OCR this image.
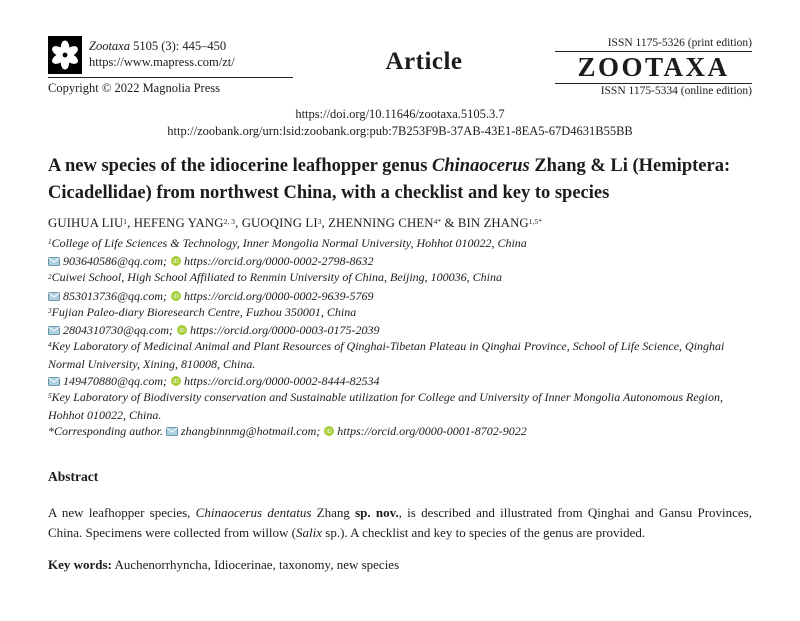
Zootaxa 5105 (3): 445–450
https://www.mapress.com/zt/
Copyright © 2022 Magnolia Press
Article
ISSN 1175-5326 (print edition)
ZOOTAXA
ISSN 1175-5334 (online edition)
https://doi.org/10.11646/zootaxa.5105.3.7
http://zoobank.org/urn:lsid:zoobank.org:pub:7B253F9B-37AB-43E1-8EA5-67D4631B55BB
A new species of the idiocerine leafhopper genus Chinaocerus Zhang & Li (Hemiptera: Cicadellidae) from northwest China, with a checklist and key to species
GUIHUA LIU$^1$, HEFENG YANG$^{2, 3}$, GUOQING $LI^3$, ZHENNING $CHEN^{4*}$ & BIN $ZHANG^{1,5*}$
$^1$College of Life Sciences & Technology, Inner Mongolia Normal University, Hohhot 010022, China
903640586@qq.com; iD https://orcid.org/0000-0002-2798-8632
$^2$Cuiwei School, High School Affiliated to Renmin University of China, Beijing, 100036, China
853013736@qq.com; iD https://orcid.org/0000-0002-9639-5769
$^3$Fujian Paleo-diary Bioresearch Centre, Fuzhou 350001, China
2804310730@qq.com; iD https://orcid.org/0000-0003-0175-2039
$^4$Key Laboratory of Medicinal Animal and Plant Resources of Qinghai-Tibetan Plateau in Qinghai Province, School of Life Science, Qinghai Normal University, Xining, 810008, China.
149470880@qq.com; iD https://orcid.org/0000-0002-8444-82534
$^5$Key Laboratory of Biodiversity conservation and Sustainable utilization for College and University of Inner Mongolia Autonomous Region, Hohhot 010022, China.
*Corresponding author. zhangbinnmg@hotmail.com; iD https://orcid.org/0000-0001-8702-9022
Abstract

A new leafhopper species, Chinaocerus dentatus Zhang sp. nov., is described and illustrated from Qinghai and Gansu Provinces, China. Specimens were collected from willow (Salix sp.). A checklist and key to species of the genus are provided.

Key words: Auchenorrhyncha, Idiocerinae, taxonomy, new species
